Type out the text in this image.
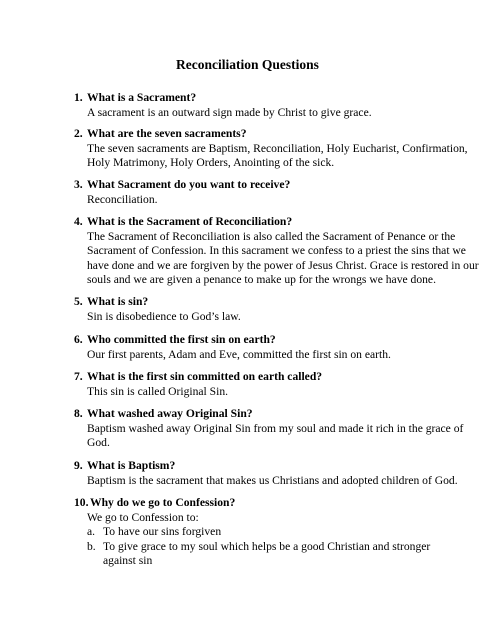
Reconciliation Questions
1. What is a Sacrament?
A sacrament is an outward sign made by Christ to give grace.
2. What are the seven sacraments?
The seven sacraments are Baptism, Reconciliation, Holy Eucharist, Confirmation,
Holy Matrimony, Holy Orders, Anointing of the sick.
3. What Sacrament do you want to receive?
Reconciliation.
4. What is the Sacrament of Reconciliation?
The Sacrament of Reconciliation is also called the Sacrament of Penance or the
Sacrament of Confession. In this sacrament we confess to a priest the sins that we
have done and we are forgiven by the power of Jesus Christ. Grace is restored in our
souls and we are given a penance to make up for the wrongs we have done.
5. What is sin?
Sin is disobedience to God’s law.
6. Who committed the first sin on earth?
Our first parents, Adam and Eve, committed the first sin on earth.
7. What is the first sin committed on earth called?
This sin is called Original Sin.
8. What washed away Original Sin?
Baptism washed away Original Sin from my soul and made it rich in the grace of
God.
9. What is Baptism?
Baptism is the sacrament that makes us Christians and adopted children of God.
10. Why do we go to Confession?
We go to Confession to:
a. To have our sins forgiven
b. To give grace to my soul which helps be a good Christian and stronger
against sin
